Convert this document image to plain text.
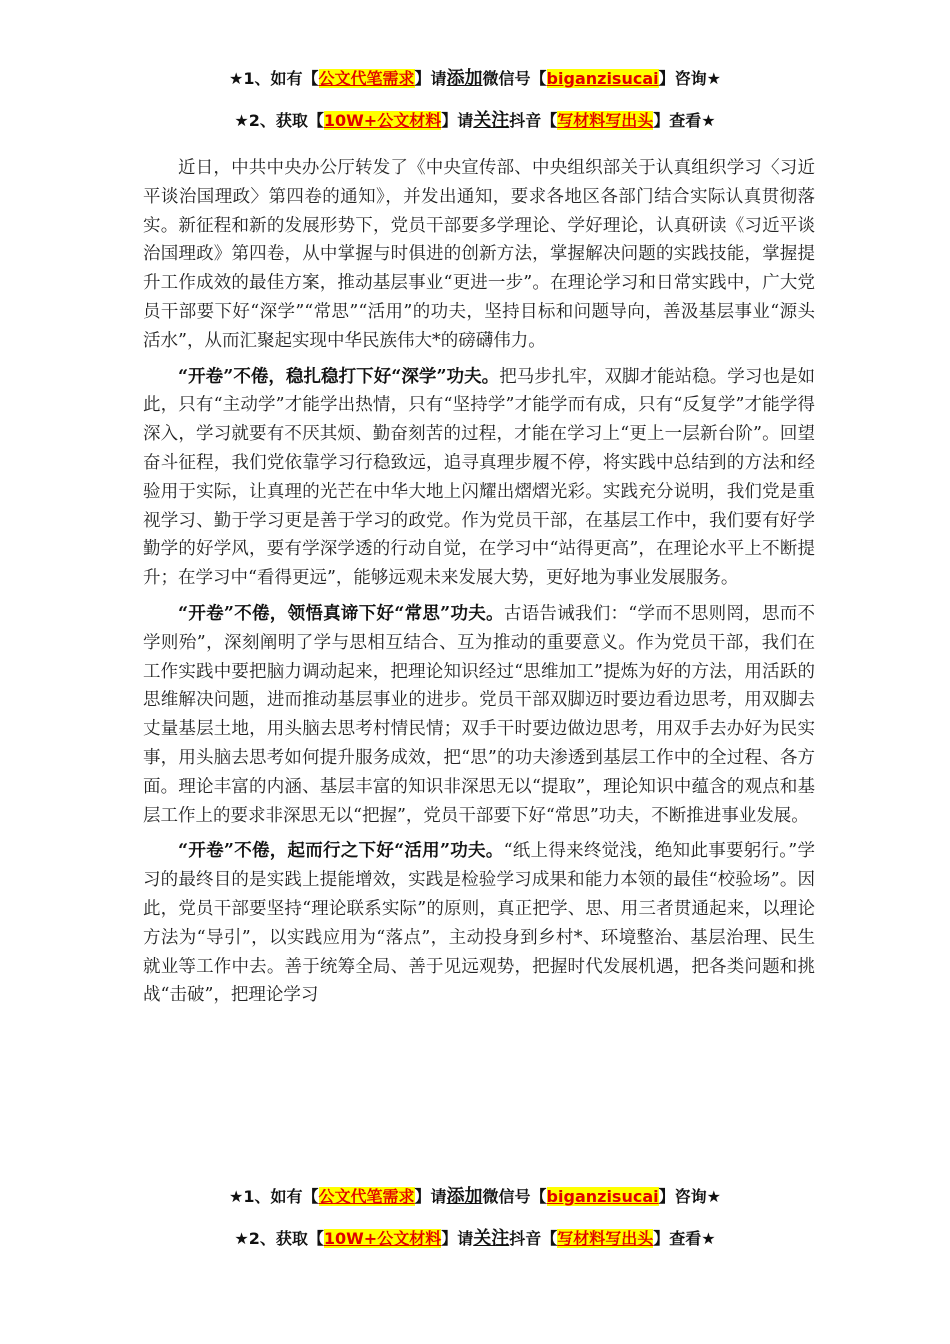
★1、如有【公文代笔需求】请添加微信号【biganzisucai】咨询★
★2、获取【10W+公文材料】请关注抖音【写材料写出头】查看★

近日，中共中央办公厅转发了《中央宣传部、中央组织部关于认真组织学习〈习近平谈治国理政〉第四卷的通知》，并发出通知，要求各地区各部门结合实际认真贯彻落实。新征程和新的发展形势下，党员干部要多学理论、学好理论，认真研读《习近平谈治国理政》第四卷，从中掌握与时俱进的创新方法，掌握解决问题的实践技能，掌握提升工作成效的最佳方案，推动基层事业“更进一步”。在理论学习和日常实践中，广大党员干部要下好“深学”“常思”“活用”的功夫，坚持目标和问题导向，善汲基层事业“源头活水”，从而汇聚起实现中华民族伟大*的磅礴伟力。

“开卷”不倦，稳扎稳打下好“深学”功夫。把马步扎牢，双脚才能站稳。学习也是如此，只有“主动学”才能学出热情，只有“坚持学”才能学而有成，只有“反复学”才能学得深入，学习就要有不厌其烦、勤奋刻苦的过程，才能在学习上“更上一层新台阶”。回望奋斗征程，我们党依靠学习行稳致远，追寻真理步履不停，将实践中总结到的方法和经验用于实际，让真理的光芒在中华大地上闪耀出熠熠光彩。实践充分说明，我们党是重视学习、勤于学习更是善于学习的政党。作为党员干部，在基层工作中，我们要有好学勤学的好学风，要有学深学透的行动自觉，在学习中“站得更高”，在理论水平上不断提升；在学习中“看得更远”，能够远观未来发展大势，更好地为事业发展服务。

“开卷”不倦，领悟真谛下好“常思”功夫。古语告诫我们：“学而不思则罔，思而不学则殆”，深刻阐明了学与思相互结合、互为推动的重要意义。作为党员干部，我们在工作实践中要把脑力调动起来，把理论知识经过“思维加工”提炼为好的方法，用活跃的思维解决问题，进而推动基层事业的进步。党员干部双脚迈时要边看边思考，用双脚去丈量基层土地，用头脑去思考村情民情；双手干时要边做边思考，用双手去办好为民实事，用头脑去思考如何提升服务成效，把“思”的功夫渗透到基层工作中的全过程、各方面。理论丰富的内涵、基层丰富的知识非深思无以“提取”，理论知识中蕴含的观点和基层工作上的要求非深思无以“把握”，党员干部要下好“常思”功夫，不断推进事业发展。

“开卷”不倦，起而行之下好“活用”功夫。“纸上得来终觉浅，绝知此事要躬行。”学习的最终目的是实践上提能增效，实践是检验学习成果和能力本领的最佳“校验场”。因此，党员干部要坚持“理论联系实际”的原则，真正把学、思、用三者贯通起来，以理论方法为“导引”，以实践应用为“落点”，主动投身到乡村*、环境整治、基层治理、民生就业等工作中去。善于统筹全局、善于见远观势，把握时代发展机遇，把各类问题和挑战“击破”，把理论学习

★1、如有【公文代笔需求】请添加微信号【biganzisucai】咨询★
★2、获取【10W+公文材料】请关注抖音【写材料写出头】查看★
